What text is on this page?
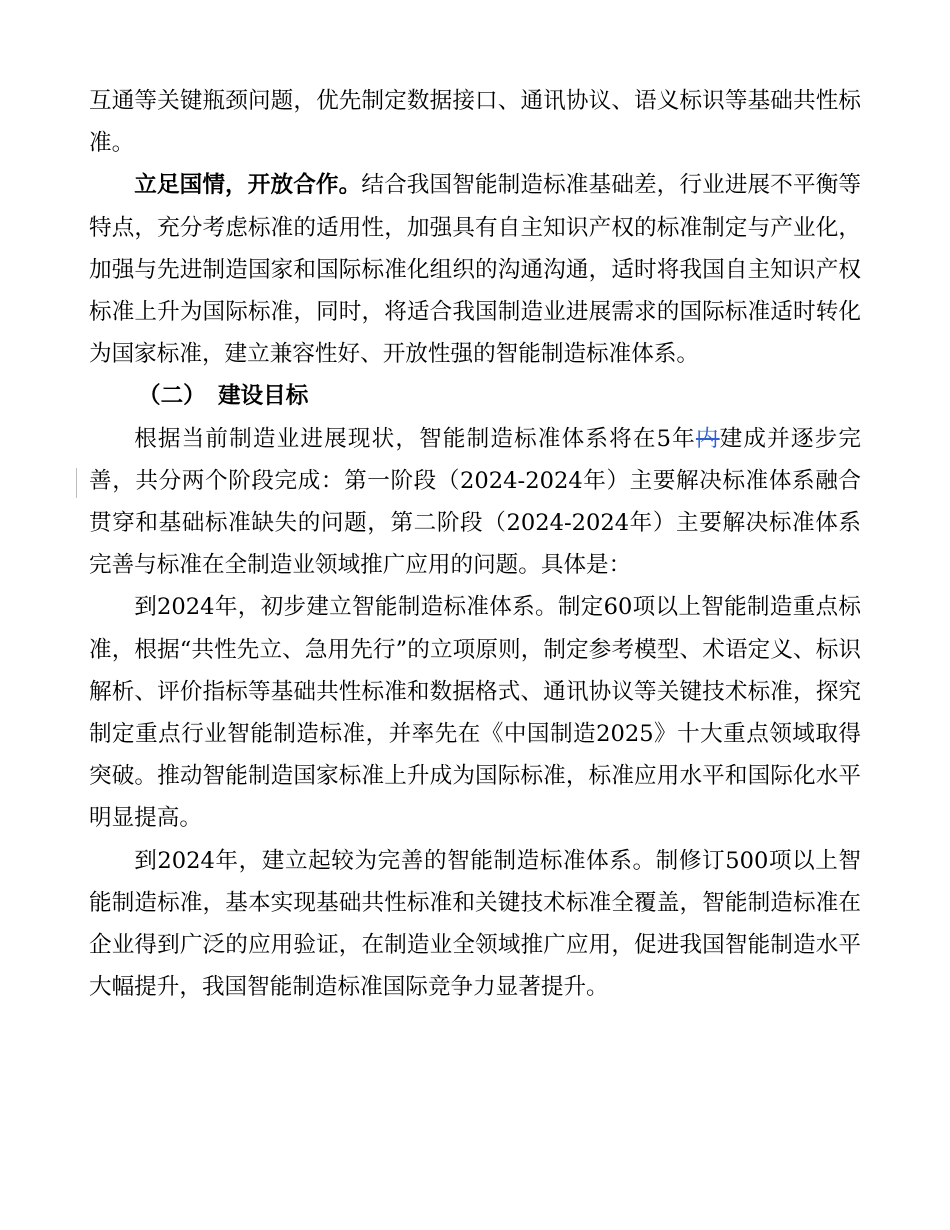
互通等关键瓶颈问题，优先制定数据接口、通讯协议、语义标识等基础共性标准。

立足国情，开放合作。结合我国智能制造标准基础差，行业进展不平衡等特点，充分考虑标准的适用性，加强具有自主知识产权的标准制定与产业化，加强与先进制造国家和国际标准化组织的沟通沟通，适时将我国自主知识产权标准上升为国际标准，同时，将适合我国制造业进展需求的国际标准适时转化为国家标准，建立兼容性好、开放性强的智能制造标准体系。

（二） 建设目标

根据当前制造业进展现状，智能制造标准体系将在5年内建成并逐步完善，共分两个阶段完成：第一阶段（2024-2024年）主要解决标准体系融合贯穿和基础标准缺失的问题，第二阶段（2024-2024年）主要解决标准体系完善与标准在全制造业领域推广应用的问题。具体是：

到2024年，初步建立智能制造标准体系。制定60项以上智能制造重点标准，根据“共性先立、急用先行”的立项原则，制定参考模型、术语定义、标识解析、评价指标等基础共性标准和数据格式、通讯协议等关键技术标准，探究制定重点行业智能制造标准，并率先在《中国制造2025》十大重点领域取得突破。推动智能制造国家标准上升成为国际标准，标准应用水平和国际化水平明显提高。

到2024年，建立起较为完善的智能制造标准体系。制修订500项以上智能制造标准，基本实现基础共性标准和关键技术标准全覆盖，智能制造标准在企业得到广泛的应用验证，在制造业全领域推广应用，促进我国智能制造水平大幅提升，我国智能制造标准国际竞争力显著提升。
